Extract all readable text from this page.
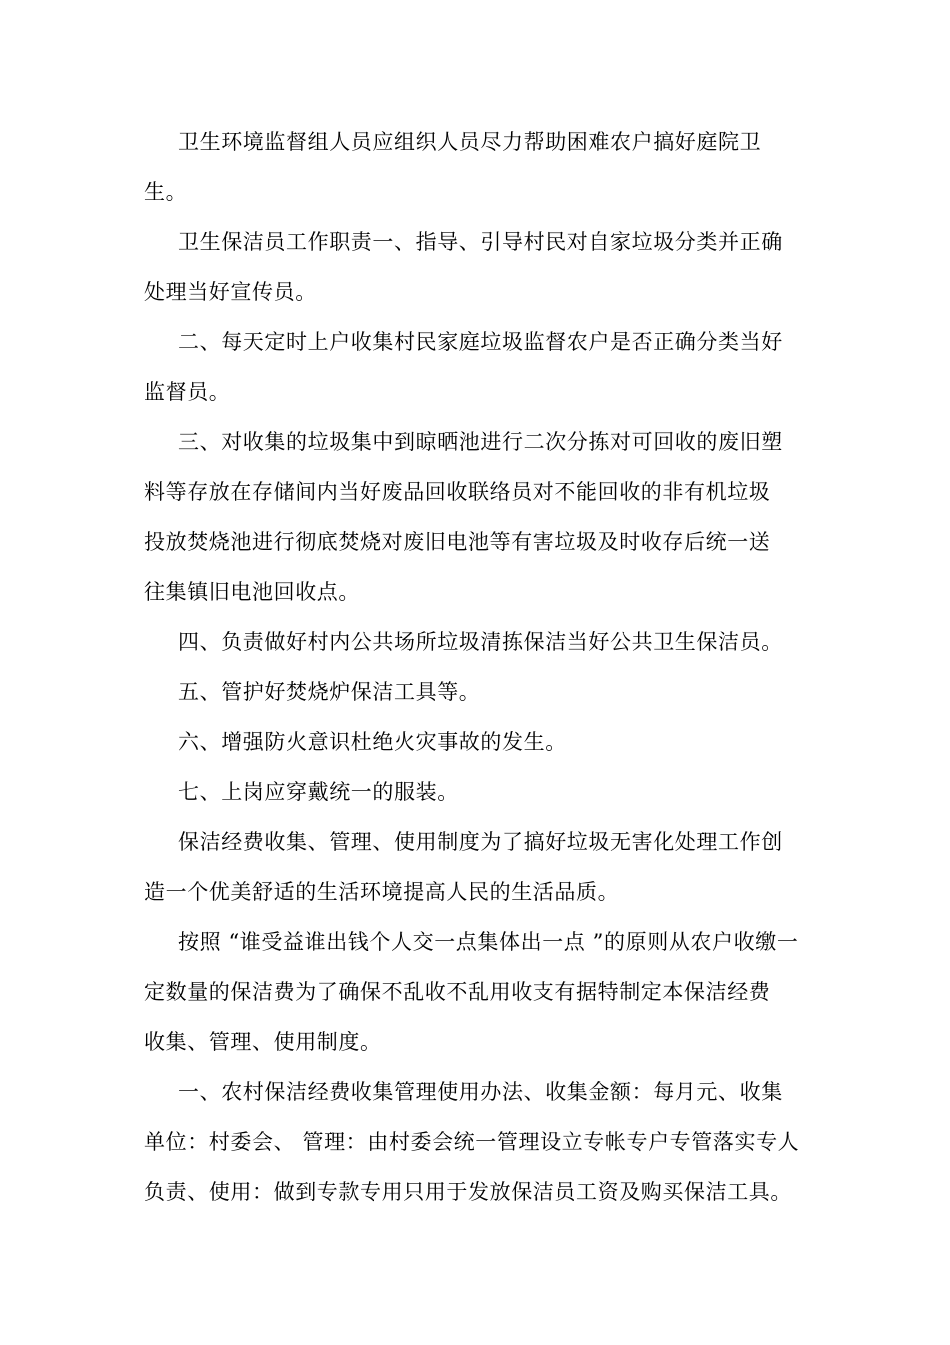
卫生环境监督组人员应组织人员尽力帮助困难农户搞好庭院卫

生。

卫生保洁员工作职责一、指导、引导村民对自家垃圾分类并正确

处理当好宣传员。

二、每天定时上户收集村民家庭垃圾监督农户是否正确分类当好

监督员。

三、对收集的垃圾集中到晾晒池进行二次分拣对可回收的废旧塑

料等存放在存储间内当好废品回收联络员对不能回收的非有机垃圾

投放焚烧池进行彻底焚烧对废旧电池等有害垃圾及时收存后统一送

往集镇旧电池回收点。

四、负责做好村内公共场所垃圾清拣保洁当好公共卫生保洁员。

五、管护好焚烧炉保洁工具等。

六、增强防火意识杜绝火灾事故的发生。

七、上岗应穿戴统一的服装。

保洁经费收集、管理、使用制度为了搞好垃圾无害化处理工作创

造一个优美舒适的生活环境提高人民的生活品质。

按照 “谁受益谁出钱个人交一点集体出一点 ”的原则从农户收缴一

定数量的保洁费为了确保不乱收不乱用收支有据特制定本保洁经费

收集、管理、使用制度。

一、农村保洁经费收集管理使用办法、收集金额：每月元、收集

单位：村委会、 管理：由村委会统一管理设立专帐专户专管落实专人

负责、使用：做到专款专用只用于发放保洁员工资及购买保洁工具。
